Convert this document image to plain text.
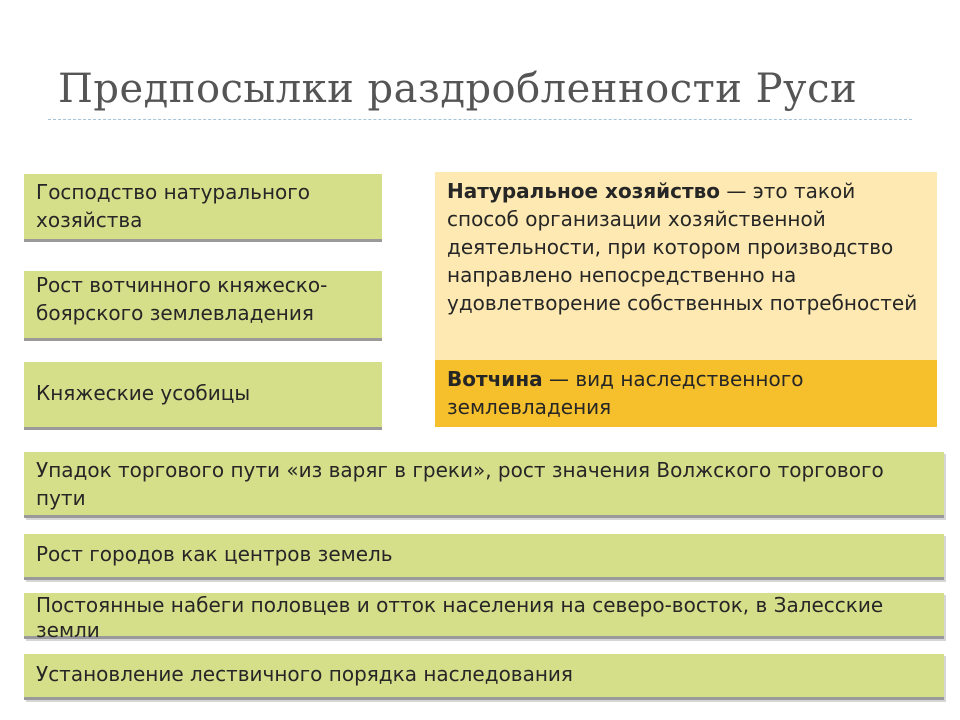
Предпосылки раздробленности Руси
Господство натурального хозяйства
Рост вотчинного княжеско-боярского землевладения
Княжеские усобицы
Натуральное хозяйство — это такой способ организации хозяйственной деятельности, при котором производство направлено непосредственно на удовлетворение собственных потребностей
Вотчина — вид наследственного землевладения
Упадок торгового пути «из варяг в греки», рост значения Волжского торгового пути
Рост городов как центров земель
Постоянные набеги половцев и отток населения на северо-восток, в Залесские земли
Установление лествичного порядка наследования
